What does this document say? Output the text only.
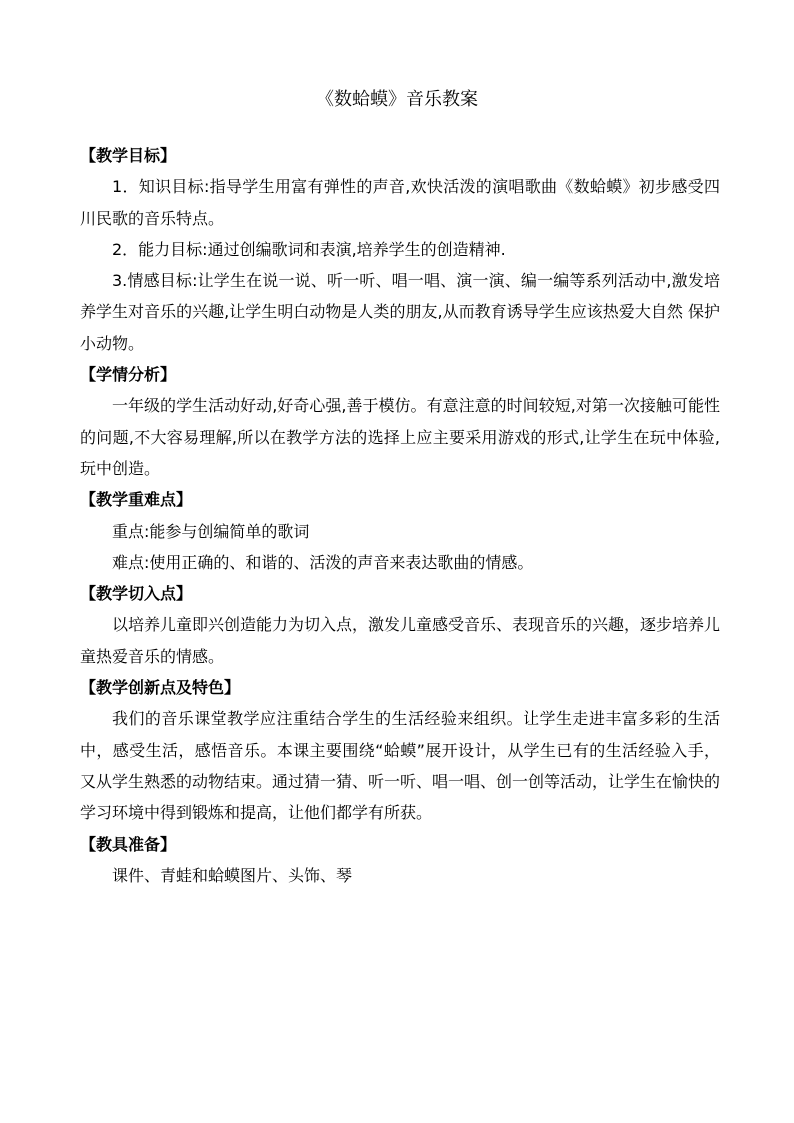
《数蛤蟆》音乐教案

【教学目标】

1．知识目标:指导学生用富有弹性的声音,欢快活泼的演唱歌曲《数蛤蟆》初步感受四川民歌的音乐特点。

2．能力目标:通过创编歌词和表演,培养学生的创造精神.

3.情感目标:让学生在说一说、听一听、唱一唱、演一演、编一编等系列活动中,激发培养学生对音乐的兴趣,让学生明白动物是人类的朋友,从而教育诱导学生应该热爱大自然 保护小动物。

【学情分析】

一年级的学生活动好动,好奇心强,善于模仿。有意注意的时间较短,对第一次接触可能性的问题,不大容易理解,所以在教学方法的选择上应主要采用游戏的形式,让学生在玩中体验,玩中创造。

【教学重难点】

重点:能参与创编简单的歌词

难点:使用正确的、和谐的、活泼的声音来表达歌曲的情感。

【教学切入点】

以培养儿童即兴创造能力为切入点，激发儿童感受音乐、表现音乐的兴趣，逐步培养儿童热爱音乐的情感。

【教学创新点及特色】

我们的音乐课堂教学应注重结合学生的生活经验来组织。让学生走进丰富多彩的生活中，感受生活，感悟音乐。本课主要围绕“蛤蟆”展开设计，从学生已有的生活经验入手，又从学生熟悉的动物结束。通过猜一猜、听一听、唱一唱、创一创等活动，让学生在愉快的学习环境中得到锻炼和提高，让他们都学有所获。

【教具准备】

课件、青蛙和蛤蟆图片、头饰、琴
